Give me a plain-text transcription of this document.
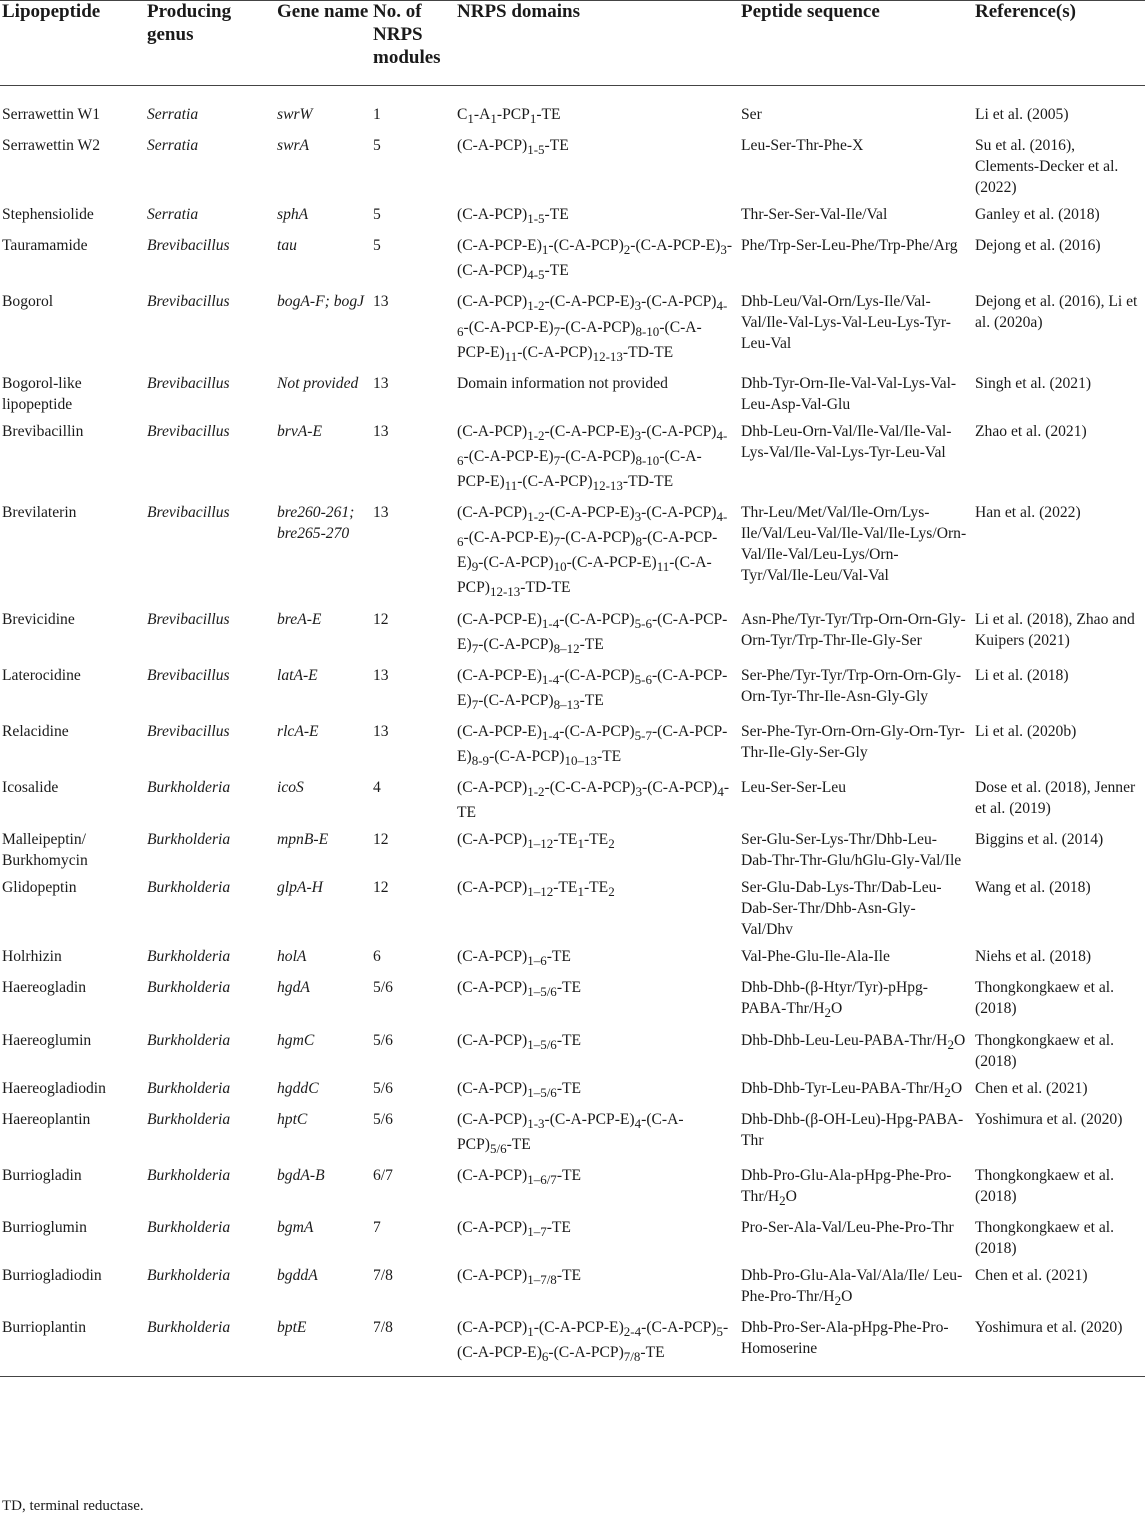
Lipopeptide	Producing genus	Gene name	No. of NRPS modules	NRPS domains	Peptide sequence	Reference(s)
Serrawettin W1	Serratia	swrW	1	$C_1-A_1-PCP_1-TE$	Ser	Li et al. (2005)
Serrawettin W2	Serratia	swrA	5	$(C-A-PCP)_{1-5}-TE$	Leu-Ser-Thr-Phe-X	Su et al. (2016), Clements-Decker et al. (2022)
Stephensiolide	Serratia	sphA	5	$(C-A-PCP)_{1-5}-TE$	Thr-Ser-Ser-Val-Ile/Val	Ganley et al. (2018)
Tauramamide	Brevibacillus	tau	5	$(C-A-PCP-E)_1-(C-A-PCP)_2-(C-A-PCP-E)_3-(C-A-PCP)_{4-5}-TE$	Phe/Trp-Ser-Leu-Phe/Trp-Phe/Arg	Dejong et al. (2016)
Bogorol	Brevibacillus	bogA-F; bogJ	13	$(C-A-PCP)_{1-2}-(C-A-PCP-E)_3-(C-A-PCP)_{4-6}-(C-A-PCP-E)_7-(C-A-PCP)_{8-10}-(C-A-PCP-E)_{11}-(C-A-PCP)_{12-13}-TD-TE$	Dhb-Leu/Val-Orn/Lys-Ile/Val-Val/Ile-Val-Lys-Val-Leu-Lys-Tyr-Leu-Val	Dejong et al. (2016), Li et al. (2020a)
Bogorol-like lipopeptide	Brevibacillus	Not provided	13	Domain information not provided	Dhb-Tyr-Orn-Ile-Val-Val-Lys-Val-Leu-Asp-Val-Glu	Singh et al. (2021)
Brevibacillin	Brevibacillus	brvA-E	13	$(C-A-PCP)_{1-2}-(C-A-PCP-E)_3-(C-A-PCP)_{4-6}-(C-A-PCP-E)_7-(C-A-PCP)_{8-10}-(C-A-PCP-E)_{11}-(C-A-PCP)_{12-13}-TD-TE$	Dhb-Leu-Orn-Val/Ile-Val/Ile-Val-Lys-Val/Ile-Val-Lys-Tyr-Leu-Val	Zhao et al. (2021)
Brevilaterin	Brevibacillus	bre260-261; bre265-270	13	$(C-A-PCP)_{1-2}-(C-A-PCP-E)_3-(C-A-PCP)_{4-6}-(C-A-PCP-E)_7-(C-A-PCP)_8-(C-A-PCP-E)_9-(C-A-PCP)_{10}-(C-A-PCP-E)_{11}-(C-A-PCP)_{12-13}-TD-TE$	Thr-Leu/Met/Val/Ile-Orn/Lys-Ile/Val/Leu-Val/Ile-Val/Ile-Lys/Orn-Val/Ile-Val/Leu-Lys/Orn-Tyr/Val/Ile-Leu/Val-Val	Han et al. (2022)
Brevicidine	Brevibacillus	breA-E	12	$(C-A-PCP-E)_{1-4}-(C-A-PCP)_{5-6}-(C-A-PCP-E)_7-(C-A-PCP)_{8-12}-TE$	Asn-Phe/Tyr-Tyr/Trp-Orn-Orn-Gly-Orn-Tyr/Trp-Thr-Ile-Gly-Ser	Li et al. (2018), Zhao and Kuipers (2021)
Laterocidine	Brevibacillus	latA-E	13	$(C-A-PCP-E)_{1-4}-(C-A-PCP)_{5-6}-(C-A-PCP-E)_7-(C-A-PCP)_{8-13}-TE$	Ser-Phe/Tyr-Tyr/Trp-Orn-Orn-Gly-Orn-Tyr-Thr-Ile-Asn-Gly-Gly	Li et al. (2018)
Relacidine	Brevibacillus	rlcA-E	13	$(C-A-PCP-E)_{1-4}-(C-A-PCP)_{5-7}-(C-A-PCP-E)_{8-9}-(C-A-PCP)_{10-13}-TE$	Ser-Phe-Tyr-Orn-Orn-Gly-Orn-Tyr-Thr-Ile-Gly-Ser-Gly	Li et al. (2020b)
Icosalide	Burkholderia	icoS	4	$(C-A-PCP)_{1-2}-(C-C-A-PCP)_3-(C-A-PCP)_4-TE$	Leu-Ser-Ser-Leu	Dose et al. (2018), Jenner et al. (2019)
Malleipeptin/ Burkhomycin	Burkholderia	mpnB-E	12	$(C-A-PCP)_{1-12}-TE_1-TE_2$	Ser-Glu-Ser-Lys-Thr/Dhb-Leu-Dab-Thr-Thr-Glu/hGlu-Gly-Val/Ile	Biggins et al. (2014)
Glidopeptin	Burkholderia	glpA-H	12	$(C-A-PCP)_{1-12}-TE_1-TE_2$	Ser-Glu-Dab-Lys-Thr/Dab-Leu-Dab-Ser-Thr/Dhb-Asn-Gly-Val/Dhv	Wang et al. (2018)
Holrhizin	Burkholderia	holA	6	$(C-A-PCP)_{1-6}-TE$	Val-Phe-Glu-Ile-Ala-Ile	Niehs et al. (2018)
Haereogladin	Burkholderia	hgdA	5/6	$(C-A-PCP)_{1-5/6}-TE$	Dhb-$Dhb-(\beta-Htyr/Tyr)-pHpg-PABA-Thr/H_2O$	Thongkongkaew et al. (2018)
Haereoglumin	Burkholderia	hgmC	5/6	$(C-A-PCP)_{1-5/6}-TE$	Dhb-$Dhb-Leu-Leu-PABA-Thr/H_2O$	Thongkongkaew et al. (2018)
Haereogladiodin	Burkholderia	hgddC	5/6	$(C-A-PCP)_{1-5/6}-TE$	Dhb-$Dhb-Tyr-Leu-PABA-Thr/H_2O$	Chen et al. (2021)
Haereoplantin	Burkholderia	hptC	5/6	$(C-A-PCP)_{1-3}-(C-A-PCP-E)_4-(C-A-PCP)_{5/6}-TE$	Dhb-Dhb-(β-OH-Leu)-Hpg-PABA-Thr	Yoshimura et al. (2020)
Burriogladin	Burkholderia	bgdA-B	6/7	$(C-A-PCP)_{1-6/7}-TE$	Dhb-$Pro-Glu-Ala-pHpg-Phe-Pro-Thr/H_2O$	Thongkongkaew et al. (2018)
Burrioglumin	Burkholderia	bgmA	7	$(C-A-PCP)_{1-7}-TE$	Pro-Ser-Ala-Val/Leu-Phe-Pro-Thr	Thongkongkaew et al. (2018)
Burriogladiodin	Burkholderia	bgddA	7/8	$(C-A-PCP)_{1-7/8}-TE$	Dhb-Pro-Glu-Ala-Val/Ala/Ile/ Leu-$Phe-Pro-Thr/H_2O$	Chen et al. (2021)
Burrioplantin	Burkholderia	bptE	7/8	$(C-A-PCP)_1-(C-A-PCP-E)_{2-4}-(C-A-PCP)_5-(C-A-PCP-E)_6-(C-A-PCP)_{7/8}-TE$	Dhb-Pro-Ser-Ala-pHpg-Phe-Pro-Homoserine	Yoshimura et al. (2020)
TD, terminal reductase.
